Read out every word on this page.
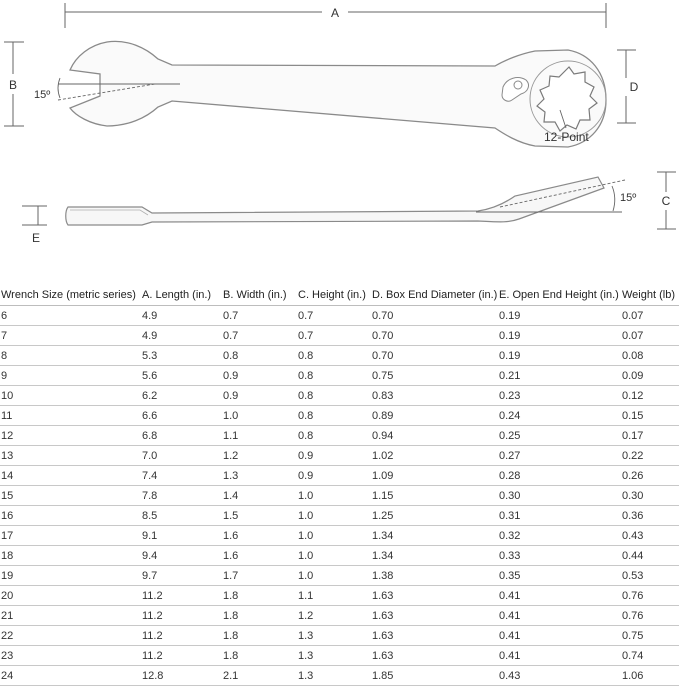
A
B
15º
D
12-Point
15º C
E
Wrench Size (metric series)	A. Length (in.)	B. Width (in.)	C. Height (in.)	D. Box End Diameter (in.)	E. Open End Height (in.)	Weight (lb)
6	4.9	0.7	0.7	0.70	0.19	0.07
7	4.9	0.7	0.7	0.70	0.19	0.07
8	5.3	0.8	0.8	0.70	0.19	0.08
9	5.6	0.9	0.8	0.75	0.21	0.09
10	6.2	0.9	0.8	0.83	0.23	0.12
11	6.6	1.0	0.8	0.89	0.24	0.15
12	6.8	1.1	0.8	0.94	0.25	0.17
13	7.0	1.2	0.9	1.02	0.27	0.22
14	7.4	1.3	0.9	1.09	0.28	0.26
15	7.8	1.4	1.0	1.15	0.30	0.30
16	8.5	1.5	1.0	1.25	0.31	0.36
17	9.1	1.6	1.0	1.34	0.32	0.43
18	9.4	1.6	1.0	1.34	0.33	0.44
19	9.7	1.7	1.0	1.38	0.35	0.53
20	11.2	1.8	1.1	1.63	0.41	0.76
21	11.2	1.8	1.2	1.63	0.41	0.76
22	11.2	1.8	1.3	1.63	0.41	0.75
23	11.2	1.8	1.3	1.63	0.41	0.74
24	12.8	2.1	1.3	1.85	0.43	1.06
